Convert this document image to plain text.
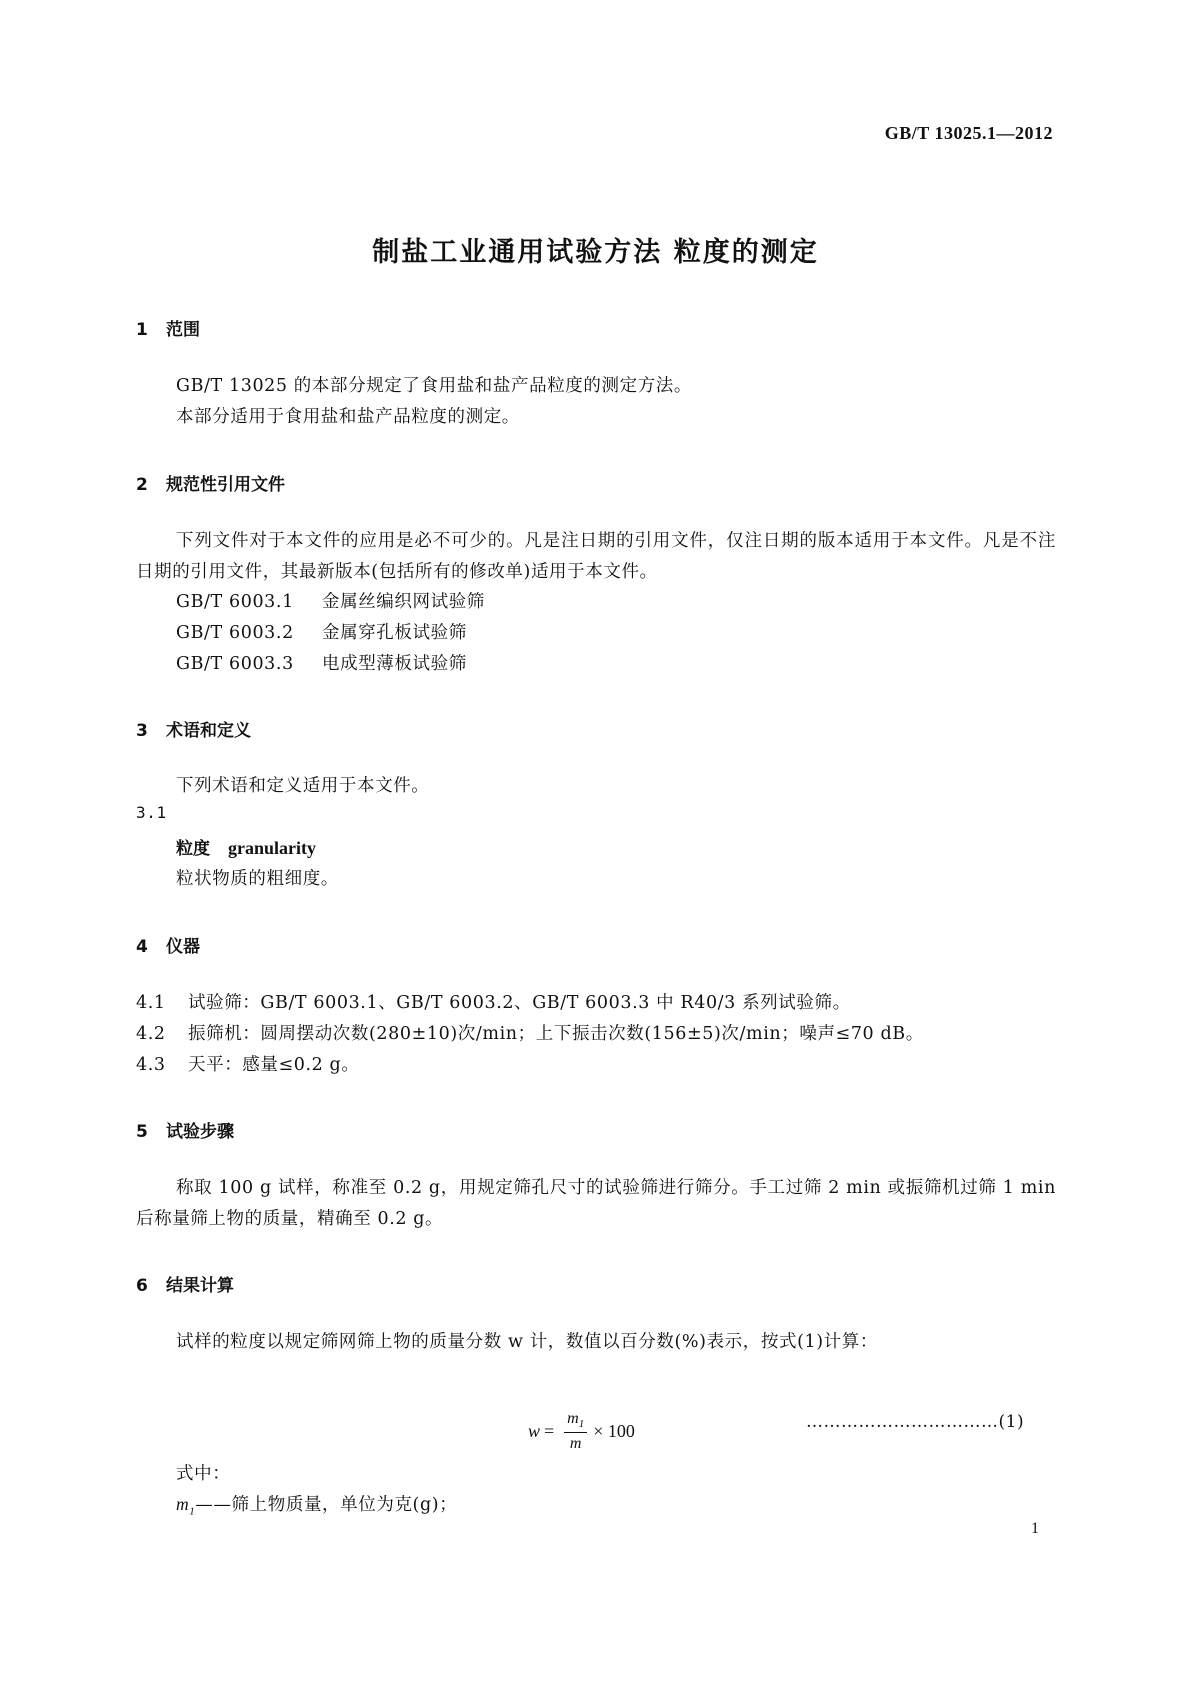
GB/T 13025.1—2012
制盐工业通用试验方法 粒度的测定
1 范围
GB/T 13025 的本部分规定了食用盐和盐产品粒度的测定方法。
本部分适用于食用盐和盐产品粒度的测定。
2 规范性引用文件
下列文件对于本文件的应用是必不可少的。凡是注日期的引用文件，仅注日期的版本适用于本文件。凡是不注日期的引用文件，其最新版本(包括所有的修改单)适用于本文件。
GB/T 6003.1 金属丝编织网试验筛
GB/T 6003.2 金属穿孔板试验筛
GB/T 6003.3 电成型薄板试验筛
3 术语和定义
下列术语和定义适用于本文件。
3.1
粒度 granularity
粒状物质的粗细度。
4 仪器
4.1 试验筛：GB/T 6003.1、GB/T 6003.2、GB/T 6003.3 中 R40/3 系列试验筛。
4.2 振筛机：圆周摆动次数(280±10)次/min；上下振击次数(156±5)次/min；噪声≤70 dB。
4.3 天平：感量≤0.2 g。
5 试验步骤
称取 100 g 试样，称准至 0.2 g，用规定筛孔尺寸的试验筛进行筛分。手工过筛 2 min 或振筛机过筛 1 min 后称量筛上物的质量，精确至 0.2 g。
6 结果计算
试样的粒度以规定筛网筛上物的质量分数 w 计，数值以百分数(%)表示，按式(1)计算：
$w = \frac{m_1}{m} \times 100$	……………………………(1)
式中：
$m_1——$筛上物质量，单位为克(g)；
1
